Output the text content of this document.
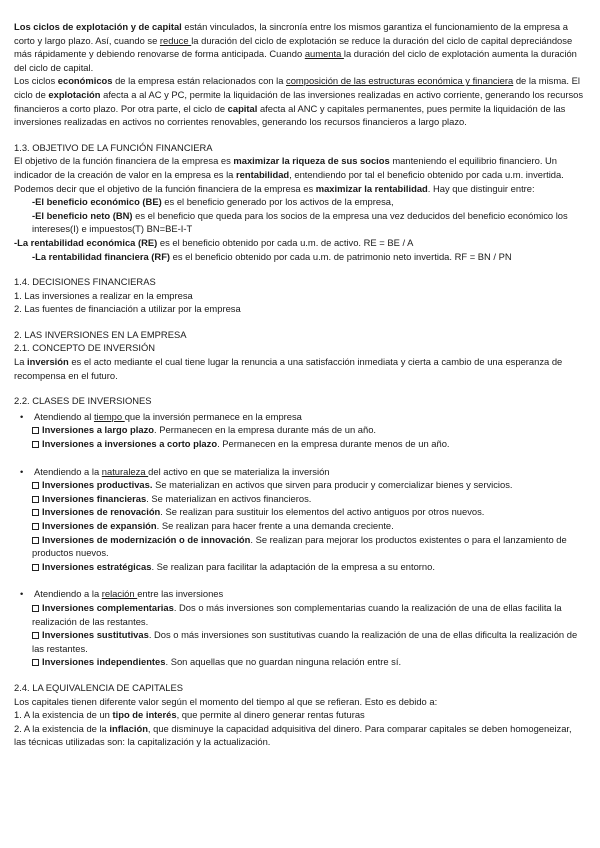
Los ciclos de explotación y de capital están vinculados, la sincronía entre los mismos garantiza el funcionamiento de la empresa a corto y largo plazo. Así, cuando se reduce la duración del ciclo de explotación se reduce la duración del ciclo de capital depreciándose más rápidamente y debiendo renovarse de forma anticipada. Cuando aumenta la duración del ciclo de explotación aumenta la duración del ciclo de capital.

Los ciclos económicos de la empresa están relacionados con la composición de las estructuras económica y financiera de la misma. El ciclo de explotación afecta a al AC y PC, permite la liquidación de las inversiones realizadas en activo corriente, generando los recursos financieros a corto plazo. Por otra parte, el ciclo de capital afecta al ANC y capitales permanentes, pues permite la liquidación de las inversiones realizadas en activos no corrientes renovables, generando los recursos financieros a largo plazo.

1.3. OBJETIVO DE LA FUNCIÓN FINANCIERA

El objetivo de la función financiera de la empresa es maximizar la riqueza de sus socios manteniendo el equilibrio financiero. Un indicador de la creación de valor en la empresa es la rentabilidad, entendiendo por tal el beneficio obtenido por cada u.m. invertida. Podemos decir que el objetivo de la función financiera de la empresa es maximizar la rentabilidad. Hay que distinguir entre:

-El beneficio económico (BE) es el beneficio generado por los activos de la empresa,

-El beneficio neto (BN) es el beneficio que queda para los socios de la empresa una vez deducidos del beneficio económico los intereses(I) e impuestos(T) BN=BE-I-T

-La rentabilidad económica (RE) es el beneficio obtenido por cada u.m. de activo. RE = BE / A

-La rentabilidad financiera (RF) es el beneficio obtenido por cada u.m. de patrimonio neto invertida. RF = BN / PN

1.4. DECISIONES FINANCIERAS

1. Las inversiones a realizar en la empresa

2. Las fuentes de financiación a utilizar por la empresa

2. LAS INVERSIONES EN LA EMPRESA

2.1. CONCEPTO DE INVERSIÓN

La inversión es el acto mediante el cual tiene lugar la renuncia a una satisfacción inmediata y cierta a cambio de una esperanza de recompensa en el futuro.

2.2. CLASES DE INVERSIONES

• Atendiendo al tiempo que la inversión permanece en la empresa

Inversiones a largo plazo. Permanecen en la empresa durante más de un año.

Inversiones a inversiones a corto plazo. Permanecen en la empresa durante menos de un año.

• Atendiendo a la naturaleza del activo en que se materializa la inversión

Inversiones productivas. Se materializan en activos que sirven para producir y comercializar bienes y servicios.

Inversiones financieras. Se materializan en activos financieros.

Inversiones de renovación. Se realizan para sustituir los elementos del activo antiguos por otros nuevos.

Inversiones de expansión. Se realizan para hacer frente a una demanda creciente.

Inversiones de modernización o de innovación. Se realizan para mejorar los productos existentes o para el lanzamiento de productos nuevos.

Inversiones estratégicas. Se realizan para facilitar la adaptación de la empresa a su entorno.

• Atendiendo a la relación entre las inversiones

Inversiones complementarias. Dos o más inversiones son complementarias cuando la realización de una de ellas facilita la realización de las restantes.

Inversiones sustitutivas. Dos o más inversiones son sustitutivas cuando la realización de una de ellas dificulta la realización de las restantes.

Inversiones independientes. Son aquellas que no guardan ninguna relación entre sí.

2.4. LA EQUIVALENCIA DE CAPITALES

Los capitales tienen diferente valor según el momento del tiempo al que se refieran. Esto es debido a:

1. A la existencia de un tipo de interés, que permite al dinero generar rentas futuras

2. A la existencia de la inflación, que disminuye la capacidad adquisitiva del dinero. Para comparar capitales se deben homogeneizar, las técnicas utilizadas son: la capitalización y la actualización.
